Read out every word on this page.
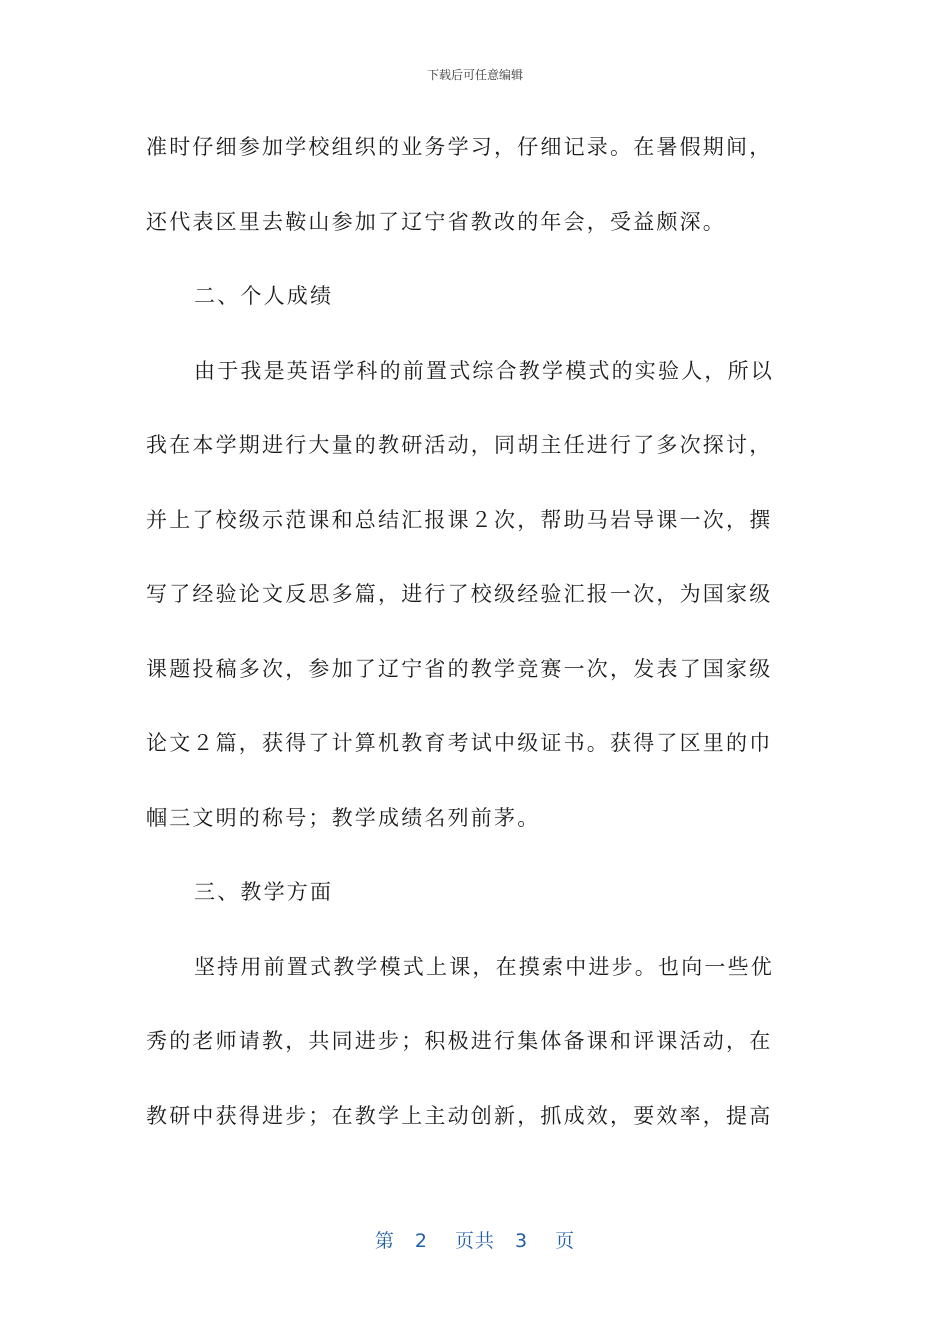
下载后可任意编辑
准时仔细参加学校组织的业务学习，仔细记录。在暑假期间，
还代表区里去鞍山参加了辽宁省教改的年会，受益颇深。
二、个人成绩
由于我是英语学科的前置式综合教学模式的实验人，所以
我在本学期进行大量的教研活动，同胡主任进行了多次探讨，
并上了校级示范课和总结汇报课２次，帮助马岩导课一次，撰
写了经验论文反思多篇，进行了校级经验汇报一次，为国家级
课题投稿多次，参加了辽宁省的教学竞赛一次，发表了国家级
论文２篇，获得了计算机教育考试中级证书。获得了区里的巾
帼三文明的称号；教学成绩名列前茅。
三、教学方面
坚持用前置式教学模式上课，在摸索中进步。也向一些优
秀的老师请教，共同进步；积极进行集体备课和评课活动，在
教研中获得进步；在教学上主动创新，抓成效，要效率，提高
第　2　 页共　3　 页
